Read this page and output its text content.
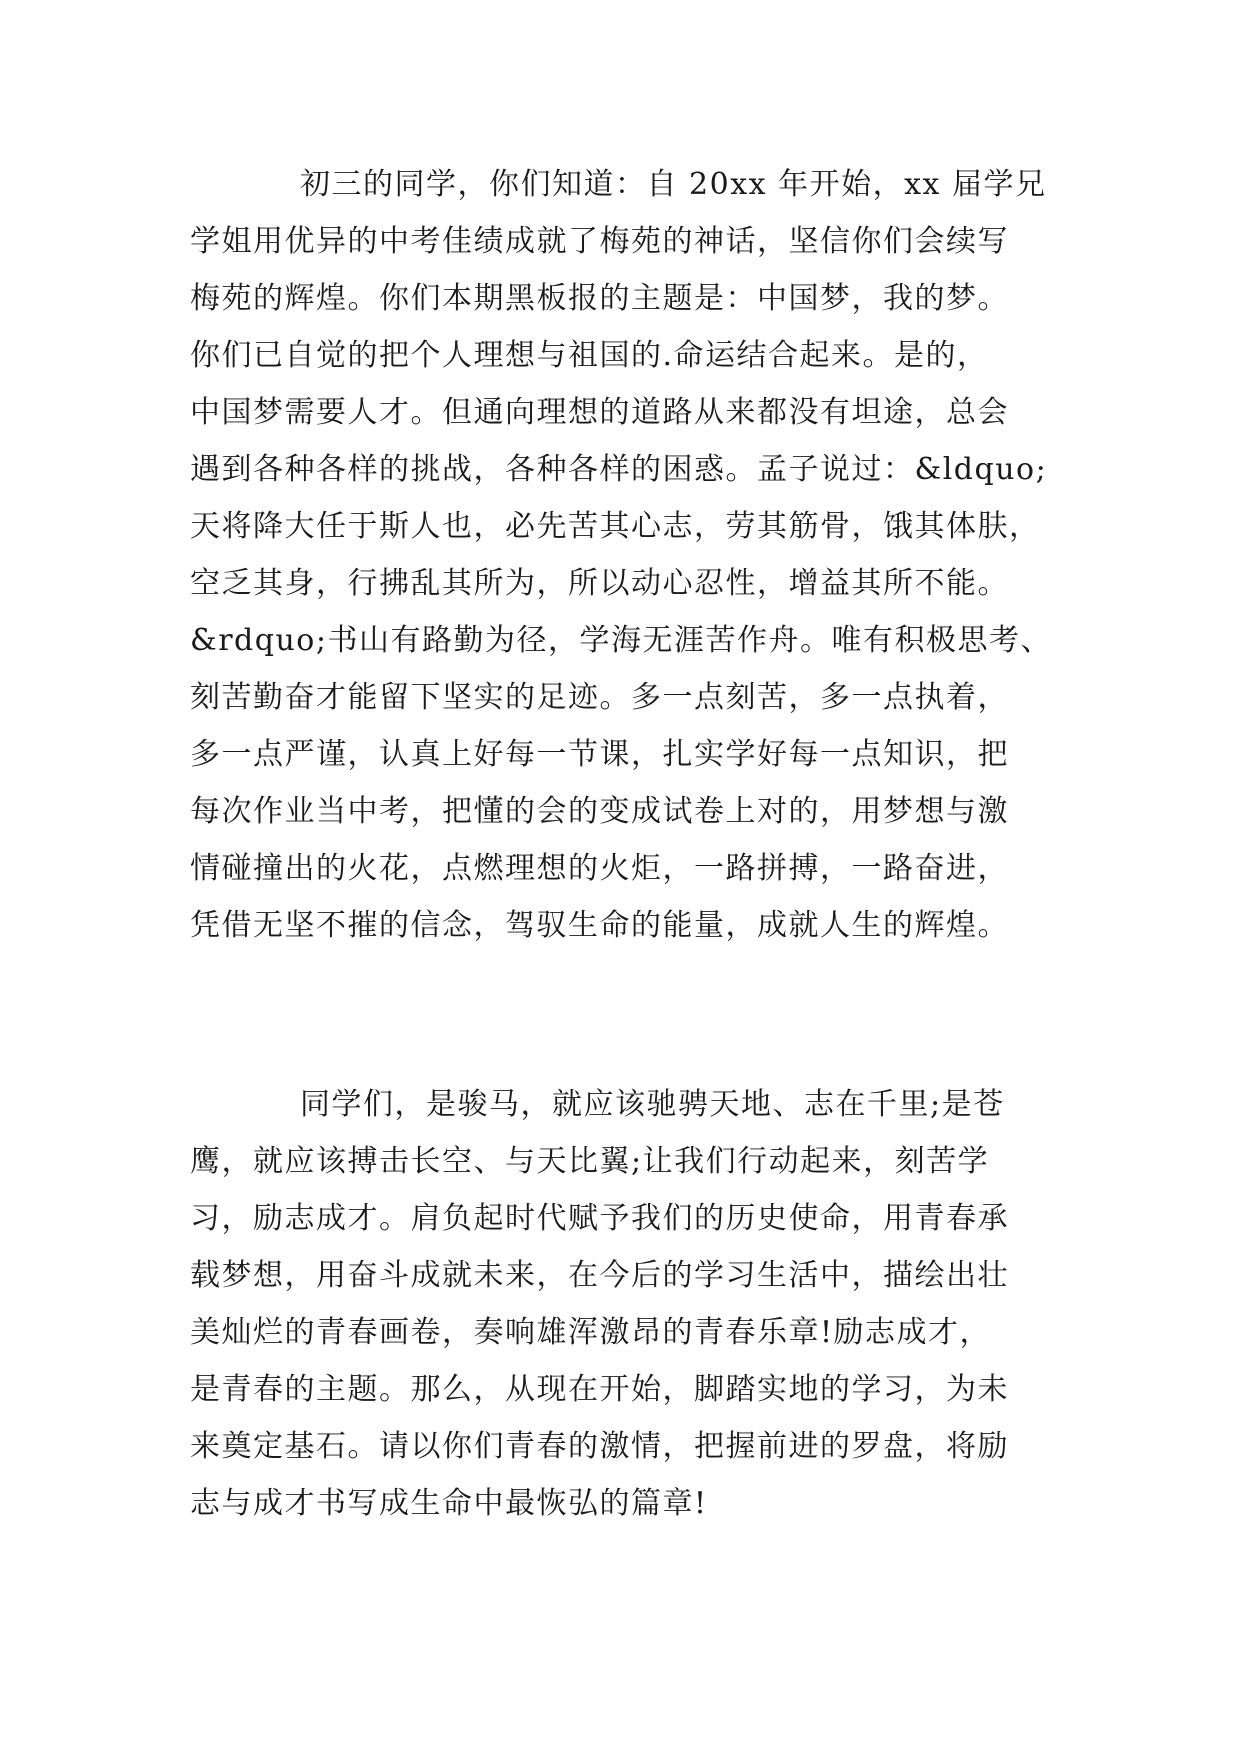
初三的同学，你们知道：自 20xx 年开始，xx 届学兄
学姐用优异的中考佳绩成就了梅苑的神话，坚信你们会续写
梅苑的辉煌。你们本期黑板报的主题是：中国梦，我的梦。
你们已自觉的把个人理想与祖国的.命运结合起来。是的，
中国梦需要人才。但通向理想的道路从来都没有坦途，总会
遇到各种各样的挑战，各种各样的困惑。孟子说过：&ldquo;
天将降大任于斯人也，必先苦其心志，劳其筋骨，饿其体肤，
空乏其身，行拂乱其所为，所以动心忍性，增益其所不能。
&rdquo;书山有路勤为径，学海无涯苦作舟。唯有积极思考、
刻苦勤奋才能留下坚实的足迹。多一点刻苦，多一点执着，
多一点严谨，认真上好每一节课，扎实学好每一点知识，把
每次作业当中考，把懂的会的变成试卷上对的，用梦想与激
情碰撞出的火花，点燃理想的火炬，一路拼搏，一路奋进，
凭借无坚不摧的信念，驾驭生命的能量，成就人生的辉煌。
同学们，是骏马，就应该驰骋天地、志在千里;是苍
鹰，就应该搏击长空、与天比翼;让我们行动起来，刻苦学
习，励志成才。肩负起时代赋予我们的历史使命，用青春承
载梦想，用奋斗成就未来，在今后的学习生活中，描绘出壮
美灿烂的青春画卷，奏响雄浑激昂的青春乐章!励志成才，
是青春的主题。那么，从现在开始，脚踏实地的学习，为未
来奠定基石。请以你们青春的激情，把握前进的罗盘，将励
志与成才书写成生命中最恢弘的篇章!
